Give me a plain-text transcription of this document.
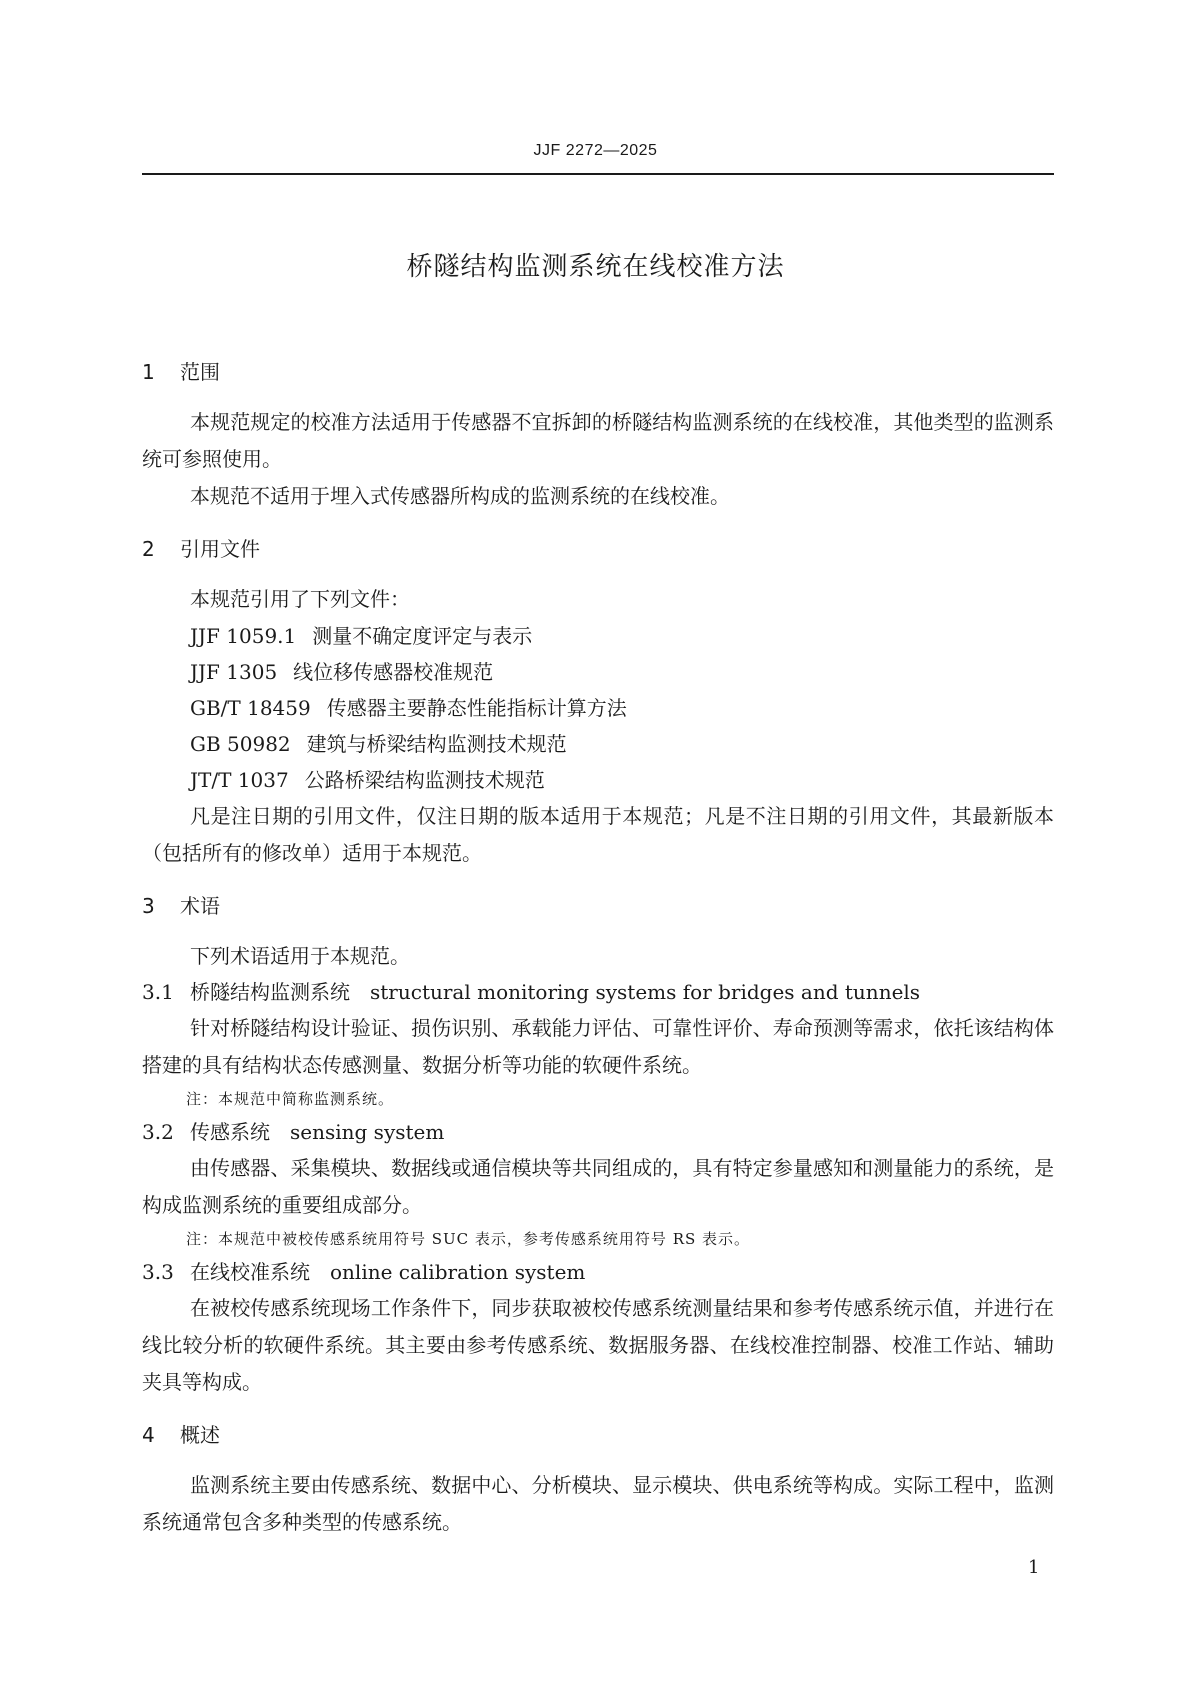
JJF 2272—2025
桥隧结构监测系统在线校准方法
1 范围
本规范规定的校准方法适用于传感器不宜拆卸的桥隧结构监测系统的在线校准，其他类型的监测系统可参照使用。
本规范不适用于埋入式传感器所构成的监测系统的在线校准。
2 引用文件
本规范引用了下列文件：
JJF 1059.1 测量不确定度评定与表示
JJF 1305 线位移传感器校准规范
GB/T 18459 传感器主要静态性能指标计算方法
GB 50982 建筑与桥梁结构监测技术规范
JT/T 1037 公路桥梁结构监测技术规范
凡是注日期的引用文件，仅注日期的版本适用于本规范；凡是不注日期的引用文件，其最新版本（包括所有的修改单）适用于本规范。
3 术语
下列术语适用于本规范。
3.1 桥隧结构监测系统 structural monitoring systems for bridges and tunnels
针对桥隧结构设计验证、损伤识别、承载能力评估、可靠性评价、寿命预测等需求，依托该结构体搭建的具有结构状态传感测量、数据分析等功能的软硬件系统。
注：本规范中简称监测系统。
3.2 传感系统 sensing system
由传感器、采集模块、数据线或通信模块等共同组成的，具有特定参量感知和测量能力的系统，是构成监测系统的重要组成部分。
注：本规范中被校传感系统用符号 SUC 表示，参考传感系统用符号 RS 表示。
3.3 在线校准系统 online calibration system
在被校传感系统现场工作条件下，同步获取被校传感系统测量结果和参考传感系统示值，并进行在线比较分析的软硬件系统。其主要由参考传感系统、数据服务器、在线校准控制器、校准工作站、辅助夹具等构成。
4 概述
监测系统主要由传感系统、数据中心、分析模块、显示模块、供电系统等构成。实际工程中，监测系统通常包含多种类型的传感系统。
1
